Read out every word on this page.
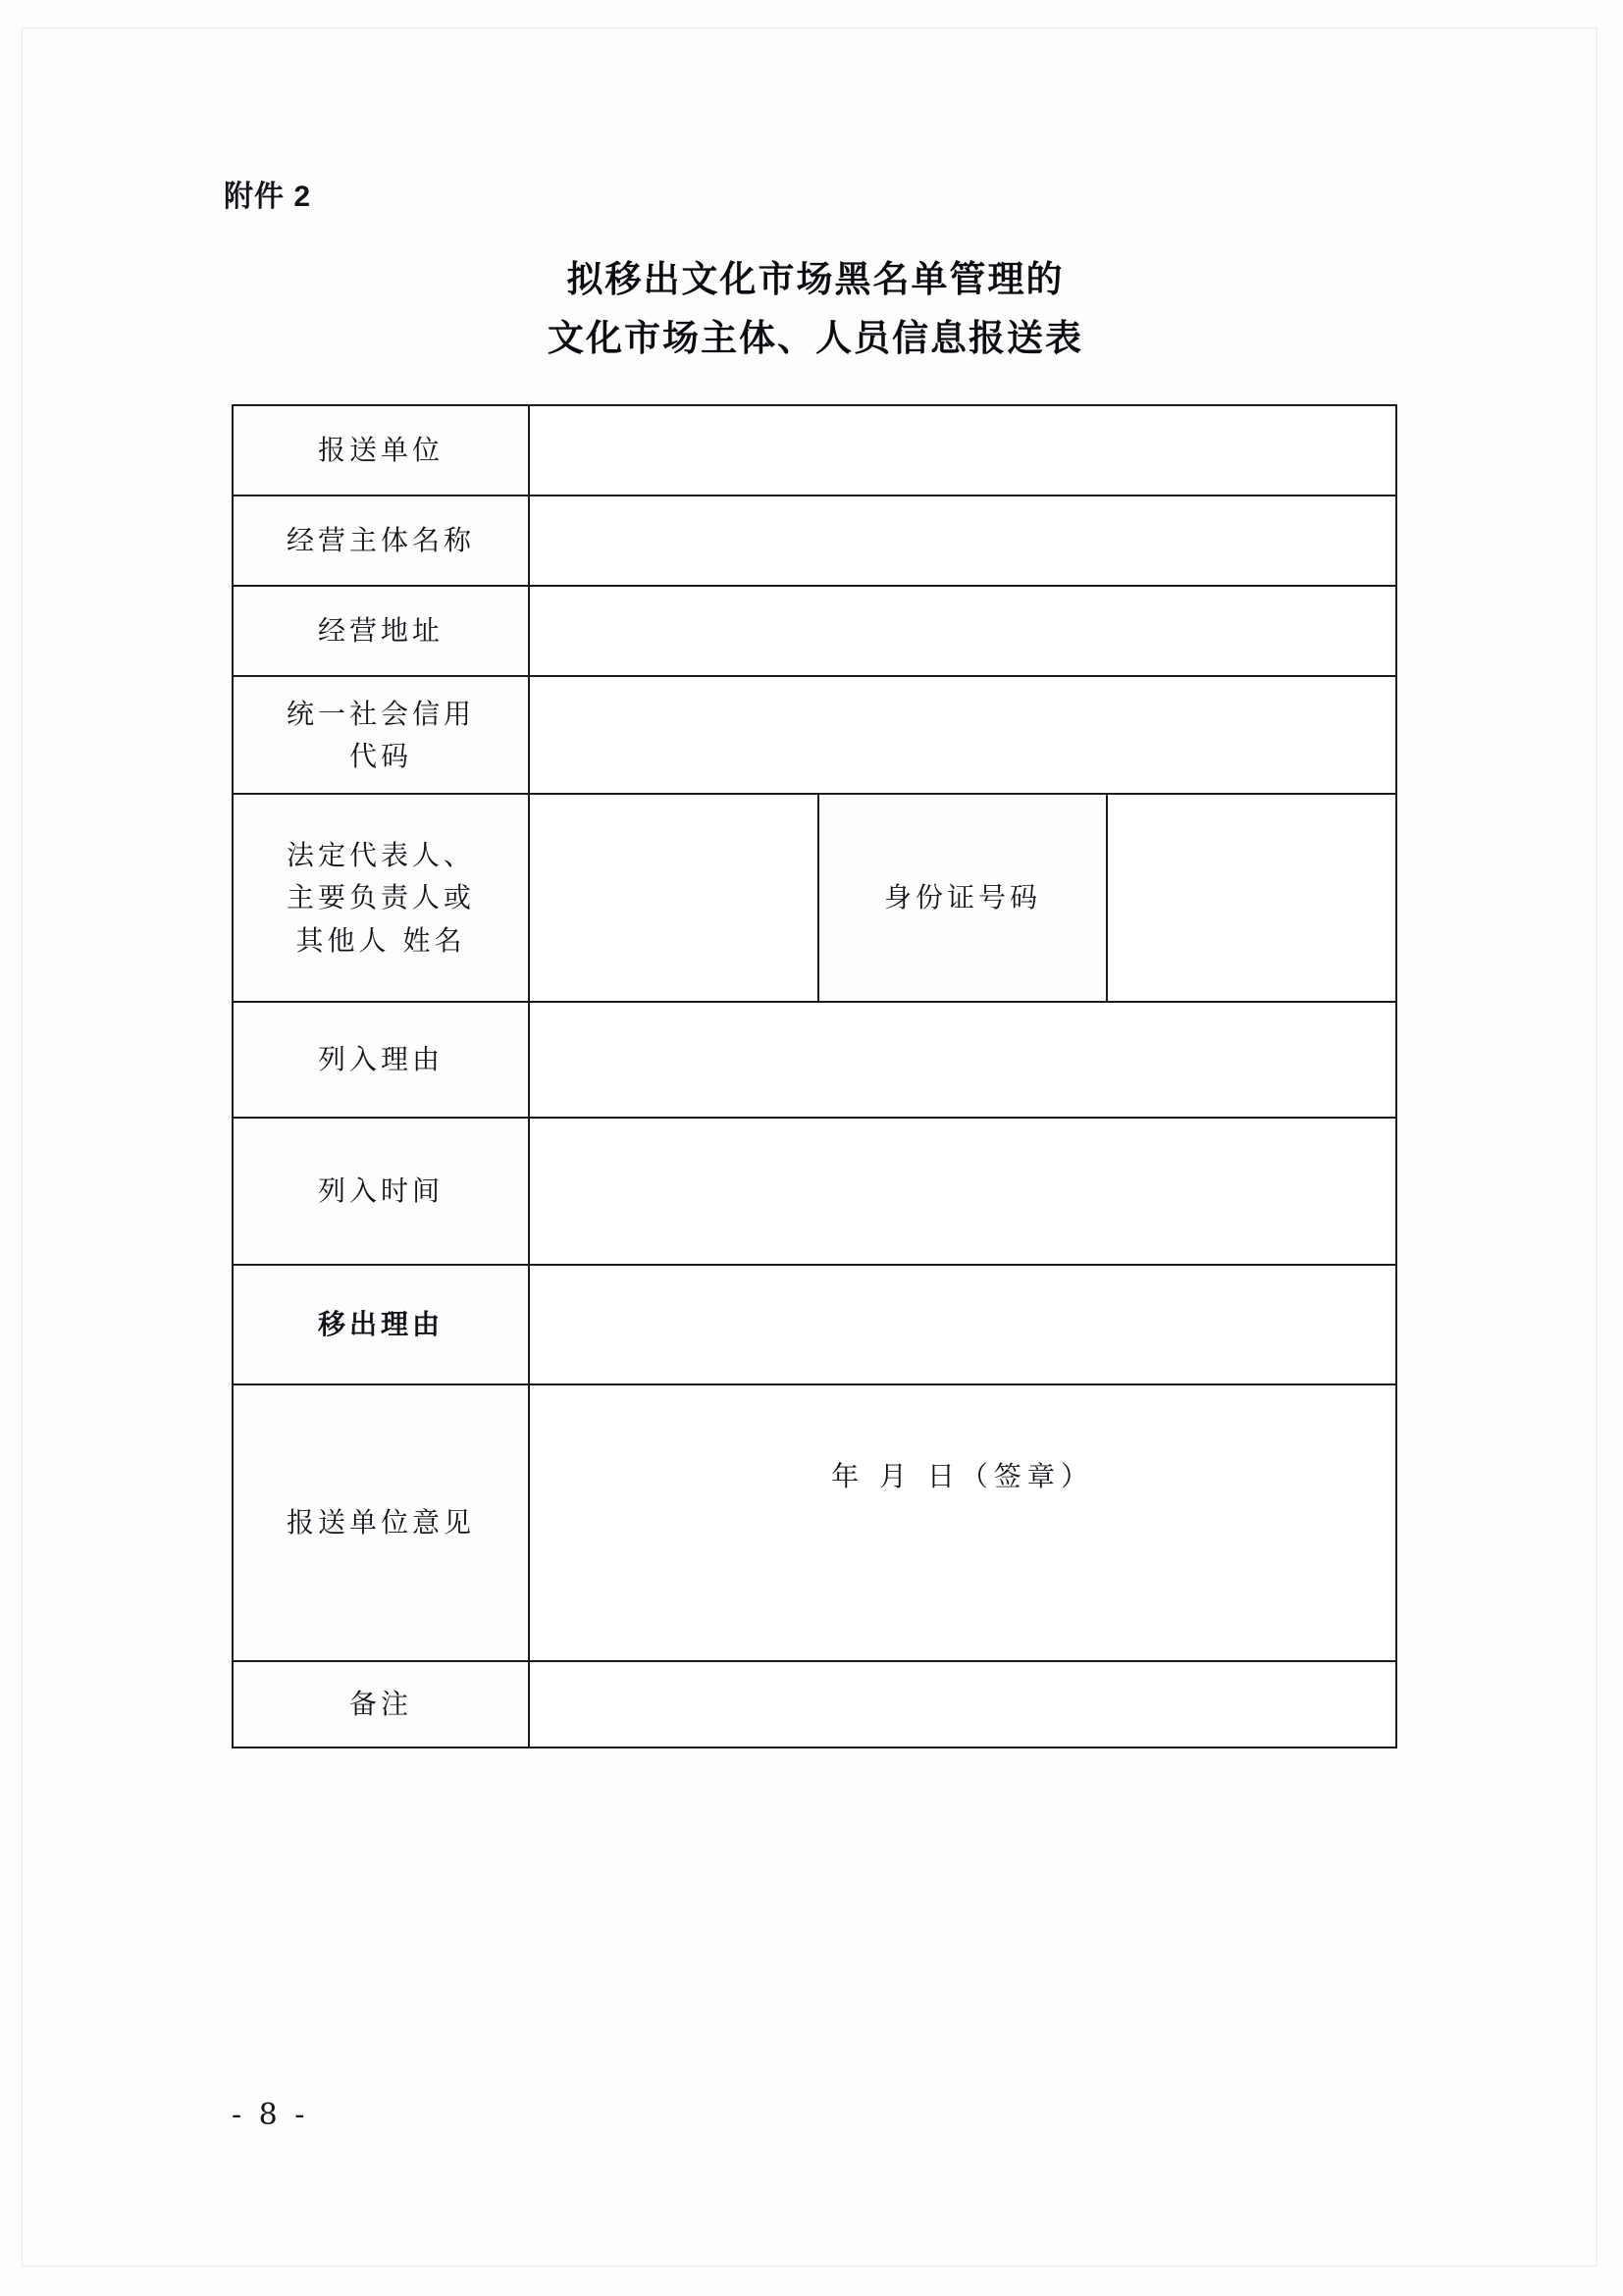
附件 2
拟移出文化市场黑名单管理的
文化市场主体、人员信息报送表
报送单位			
经营主体名称			
经营地址			

统一社会信用
代码			

法定代表人、
主要负责人或
其他人 姓名		身份证号码	
列入理由			
列入时间			
移出理由			
报送单位意见	年 月 日（签章）		

备注			
- 8 -
